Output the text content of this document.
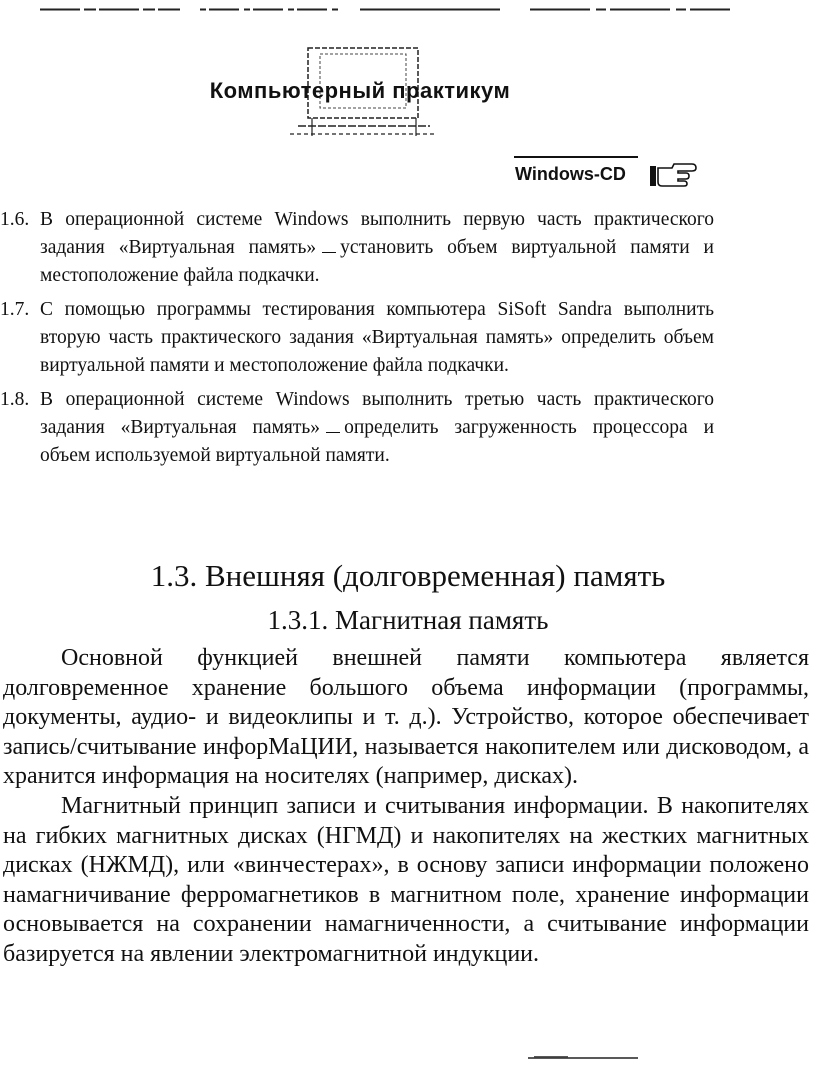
Компьютерный практикум
Windows-CD
1.6. В операционной системе Windows выполнить первую часть практического задания «Виртуальная память» установить объем виртуальной памяти и местоположение файла подкачки.
1.7. С помощью программы тестирования компьютера SiSoft Sandra выполнить вторую часть практического задания «Виртуальная память» определить объем виртуальной памяти и местоположение файла подкачки.
1.8. В операционной системе Windows выполнить третью часть практического задания «Виртуальная память» определить загруженность процессора и объем используемой виртуальной памяти.
1.3. Внешняя (долговременная) память
1.3.1. Магнитная память

Основной функцией внешней памяти компьютера является долговременное хранение большого объема информации (программы, документы, аудио- и видеоклипы и т. д.). Устройство, которое обеспечивает запись/считывание инфорМаЦИИ, называется накопителем или дисководом, а хранится информация на носителях (например, дисках).

Магнитный принцип записи и считывания информации. В накопителях на гибких магнитных дисках (НГМД) и накопителях на жестких магнитных дисках (НЖМД), или «винчестерах», в основу записи информации положено намагничивание ферромагнетиков в магнитном поле, хранение информации основывается на сохранении намагниченности, а считывание информации базируется на явлении электромагнитной индукции.
